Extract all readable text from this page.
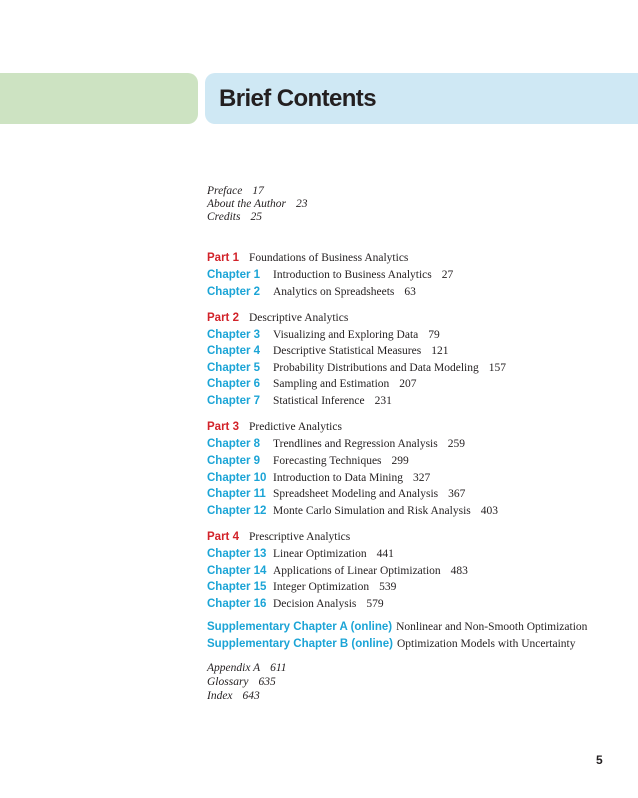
Brief Contents
Preface 17
About the Author 23
Credits 25
Part 1 Foundations of Business Analytics
Chapter 1 Introduction to Business Analytics 27
Chapter 2 Analytics on Spreadsheets 63
Part 2 Descriptive Analytics
Chapter 3 Visualizing and Exploring Data 79
Chapter 4 Descriptive Statistical Measures 121
Chapter 5 Probability Distributions and Data Modeling 157
Chapter 6 Sampling and Estimation 207
Chapter 7 Statistical Inference 231
Part 3 Predictive Analytics
Chapter 8 Trendlines and Regression Analysis 259
Chapter 9 Forecasting Techniques 299
Chapter 10 Introduction to Data Mining 327
Chapter 11 Spreadsheet Modeling and Analysis 367
Chapter 12 Monte Carlo Simulation and Risk Analysis 403
Part 4 Prescriptive Analytics
Chapter 13 Linear Optimization 441
Chapter 14 Applications of Linear Optimization 483
Chapter 15 Integer Optimization 539
Chapter 16 Decision Analysis 579
Supplementary Chapter A (online) Nonlinear and Non-Smooth Optimization
Supplementary Chapter B (online) Optimization Models with Uncertainty
Appendix A 611
Glossary 635
Index 643
5
